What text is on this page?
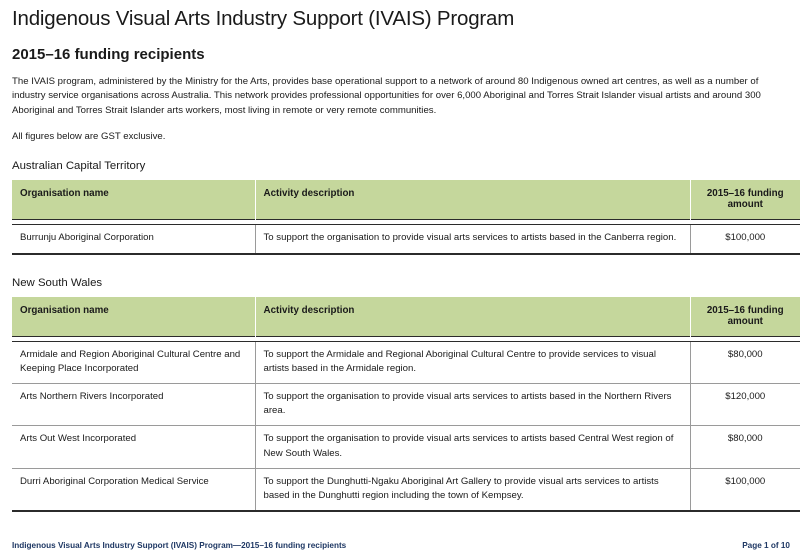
Indigenous Visual Arts Industry Support (IVAIS) Program
2015–16 funding recipients

The IVAIS program, administered by the Ministry for the Arts, provides base operational support to a network of around 80 Indigenous owned art centres, as well as a number of industry service organisations across Australia. This network provides professional opportunities for over 6,000 Aboriginal and Torres Strait Islander visual artists and around 300 Aboriginal and Torres Strait Islander arts workers, most living in remote or very remote communities.

All figures below are GST exclusive.

Australian Capital Territory
Organisation name	Activity description	2015–16 funding amount

Burrunju Aboriginal Corporation	To support the organisation to provide visual arts services to artists based in the Canberra region.	$100,000
New South Wales
Organisation name	Activity description	2015–16 funding amount

Armidale and Region Aboriginal Cultural Centre and Keeping Place Incorporated	To support the Armidale and Regional Aboriginal Cultural Centre to provide services to visual artists based in the Armidale region.	$80,000
Arts Northern Rivers Incorporated	To support the organisation to provide visual arts services to artists based in the Northern Rivers area.	$120,000
Arts Out West Incorporated	To support the organisation to provide visual arts services to artists based Central West region of New South Wales.	$80,000
Durri Aboriginal Corporation Medical Service	To support the Dunghutti-Ngaku Aboriginal Art Gallery to provide visual arts services to artists based in the Dunghutti region including the town of Kempsey.	$100,000
Indigenous Visual Arts Industry Support (IVAIS) Program—2015–16 funding recipients	Page 1 of 10
